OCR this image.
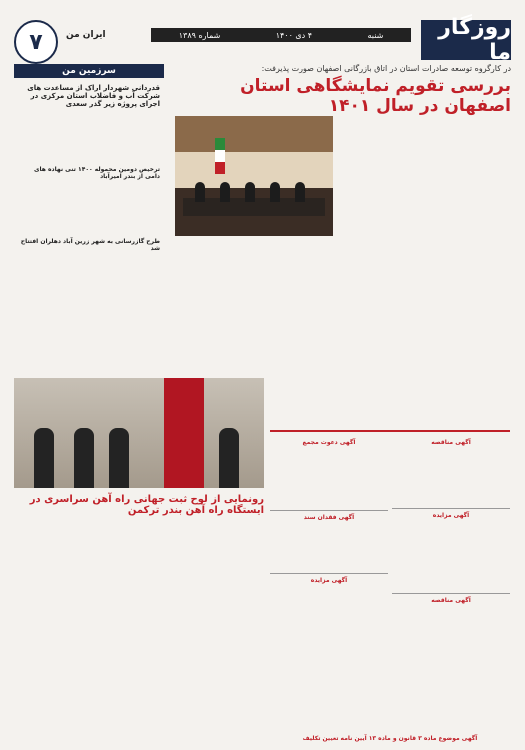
روزگار ما
شنبه
۴ دی ۱۴۰۰
شماره ۱۳۸۹
ایران من
۷
در کارگروه توسعه صادرات استان در اتاق بازرگانی اصفهان صورت پذیرفت:
بررسی تقویم نمایشگاهی استان اصفهان در سال ۱۴۰۱
سرزمین من
قدردانی شهردار اراک از مساعدت های شرکت آب و فاضلاب استان مرکزی در اجرای پروژه زیر گذر سعدی
ترخیص دومین محموله ۱۴۰۰ تنی نهاده های دامی از بندر امیرآباد
طرح گازرسانی به شهر زرین آباد دهلران افتتاح شد
رونمایی از لوح ثبت جهانی راه آهن سراسری در ایستگاه راه آهن بندر ترکمن
آگهی مناقصه
آگهی مزایده
آگهی مناقصه
آگهی دعوت مجمع
آگهی فقدان سند
آگهی مزایده
آگهی موضوع ماده ۳ قانون و ماده ۱۳ آیین نامه تعیین تکلیف
